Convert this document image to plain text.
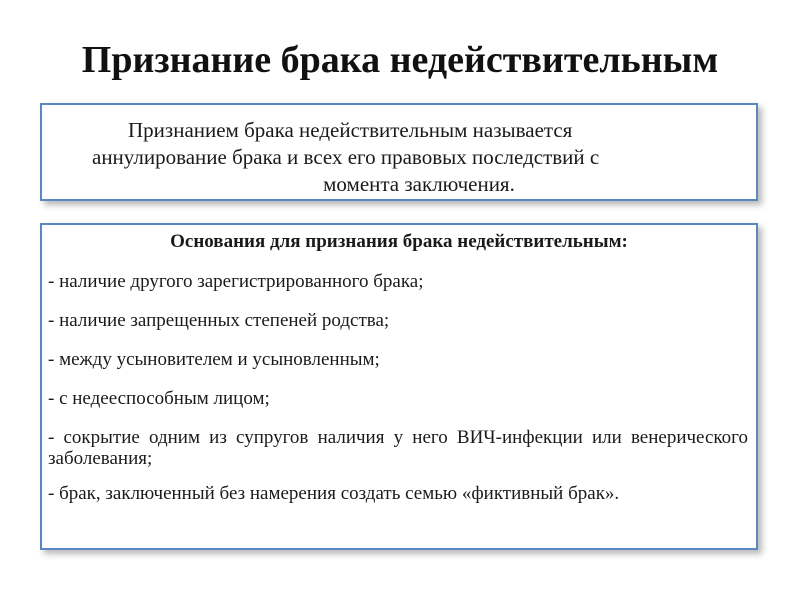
Признание брака недействительным
Признанием брака недействительным называется
аннулирование брака и всех его правовых последствий с
момента заключения.
Основания для признания брака недействительным:
- наличие другого зарегистрированного брака;
- наличие запрещенных степеней родства;
- между усыновителем и усыновленным;
- с недееспособным лицом;
- сокрытие одним из супругов наличия у него ВИЧ-инфекции или венерического заболевания;
- брак, заключенный без намерения создать семью «фиктивный брак».
